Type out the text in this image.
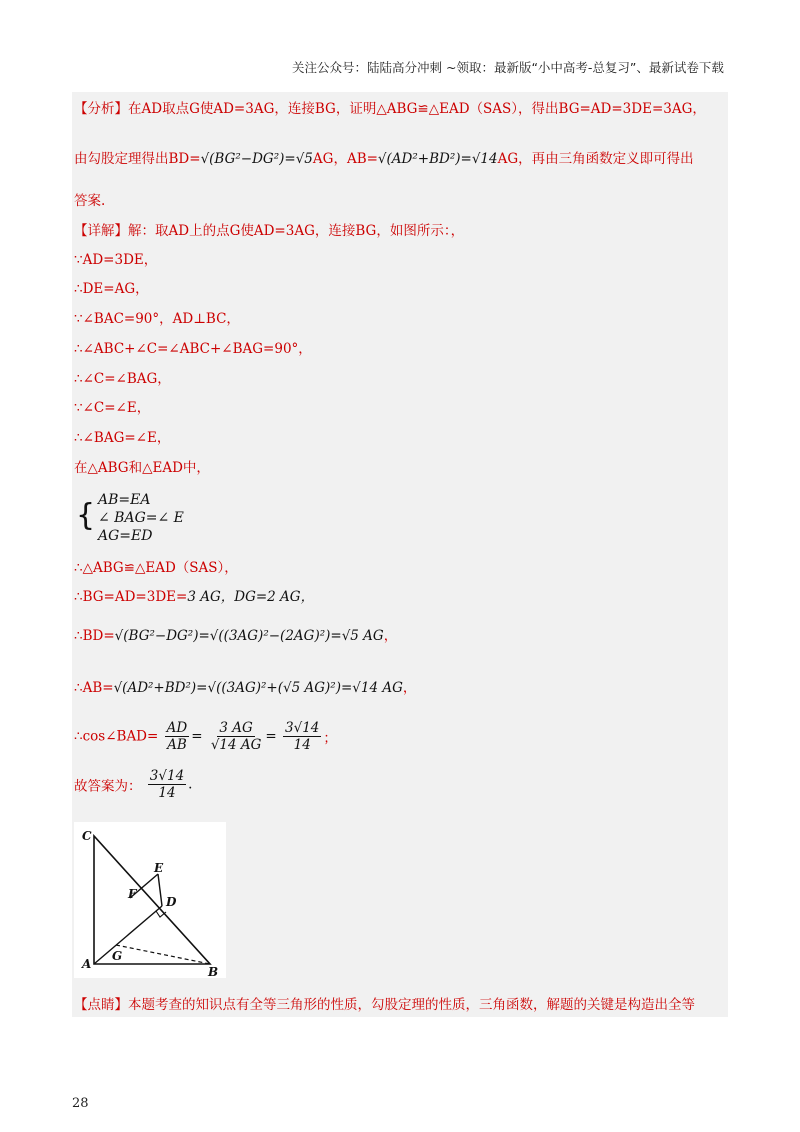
关注公众号：陆陆高分冲刺 ~领取：最新版“小中高考-总复习”、最新试卷下载
【分析】在AD取点G使AD=3AG，连接BG，证明△ABG≌△EAD（SAS），得出BG=AD=3DE=3AG，
由勾股定理得出BD=√(BG²−DG²)=√5AG，AB=√(AD²+BD²)=√14AG，再由三角函数定义即可得出
答案.
【详解】解：取AD上的点G使AD=3AG，连接BG，如图所示：，
∵AD=3DE，
∴DE=AG，
∵∠BAC=90°，AD⊥BC，
∴∠ABC+∠C=∠ABC+∠BAG=90°，
∴∠C=∠BAG，
∵∠C=∠E，
∴∠BAG=∠E，
在△ABG和△EAD中，
{ AB=EA
∠ BAG=∠ E
AG=ED
∴△ABG≌△EAD（SAS），
∴BG=AD=3DE=3 AG，DG=2 AG，
∴BD=√(BG²−DG²)=√((3AG)²−(2AG)²)=√5 AG，
∴AB=√(AD²+BD²)=√((3AG)²+(√5 AG)²)=√14 AG，
∴cos∠BAD= $\frac{AD}{AB} = \frac{3 AG}{√14 AG} = \frac{3√14}{14}$ ；
故答案为： $\frac{3√14}{14}$ .
C
E
F
D
A
G
B
【点睛】本题考查的知识点有全等三角形的性质，勾股定理的性质，三角函数，解题的关键是构造出全等
28
